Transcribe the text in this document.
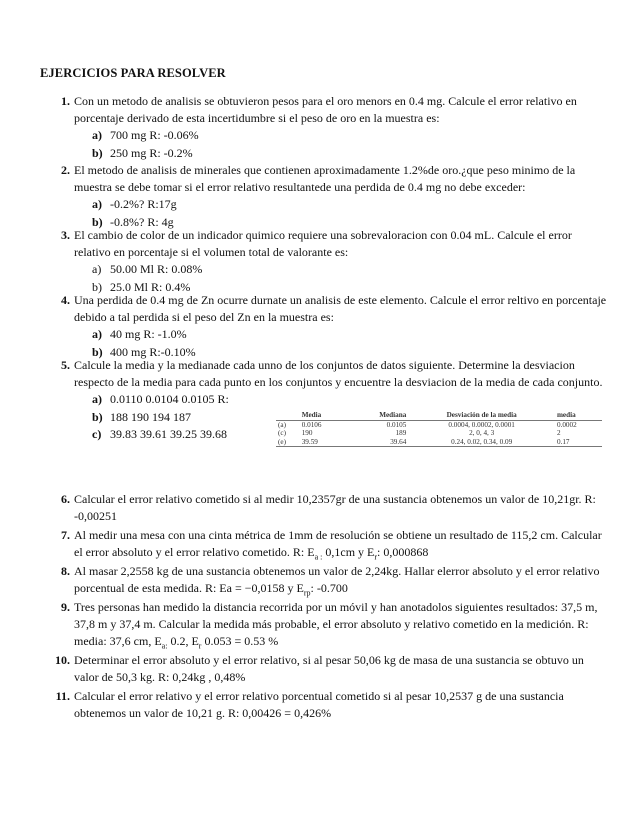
EJERCICIOS PARA RESOLVER
1. Con un metodo de analisis se obtuvieron pesos para el oro menors en 0.4 mg. Calcule el error relativo en porcentaje derivado de esta incertidumbre si el peso de oro en la muestra es:
a) 700 mg R: -0.06%
b) 250 mg R: -0.2%
2. El metodo de analisis de minerales que contienen aproximadamente 1.2%de oro.¿que peso minimo de la muestra se debe tomar si el error relativo resultantede una perdida de 0.4 mg no debe exceder:
a) -0.2%? R:17g
b) -0.8%? R: 4g
3. El cambio de color de un indicador quimico requiere una sobrevaloracion con 0.04 mL. Calcule el error relativo en porcentaje si el volumen total de valorante es:
a) 50.00 Ml R: 0.08%
b) 25.0 Ml R: 0.4%
4. Una perdida de 0.4 mg de Zn ocurre durnate un analisis de este elemento. Calcule el error reltivo en porcentaje debido a tal perdida si el peso del Zn en la muestra es:
a) 40 mg R: -1.0%
b) 400 mg R:-0.10%
5. Calcule la media y la medianade cada unno de los conjuntos de datos siguiente. Determine la desviacion respecto de la media para cada punto en los conjuntos y encuentre la desviacion de la media de cada conjunto.
a) 0.0110 0.0104 0.0105 R:
b) 188 190 194 187
c) 39.83 39.61 39.25 39.68
	Media	Mediana	Desviación de la media	media
(a)	0.0106	0.0105	0.0004, 0.0002, 0.0001	0.0002
(c)	190	189	2, 0, 4, 3	2
(e)	39.59	39.64	0.24, 0.02, 0.34, 0.09	0.17
6. Calcular el error relativo cometido si al medir 10,2357gr de una sustancia obtenemos un valor de 10,21gr. R: -0,00251
7. Al medir una mesa con una cinta métrica de 1mm de resolución se obtiene un resultado de 115,2 cm. Calcular el error absoluto y el error relativo cometido. R: $E_{a :}$ 0,1cm y $E_r$: 0,000868
8. Al masar 2,2558 kg de una sustancia obtenemos un valor de 2,24kg. Hallar elerror absoluto y el error relativo porcentual de esta medida. R: Ea = −0,0158 y $E_{rp}$: -0.700
9. Tres personas han medido la distancia recorrida por un móvil y han anotadolos siguientes resultados: 37,5 m, 37,8 m y 37,4 m. Calcular la medida más probable, el error absoluto y relativo cometido en la medición. R: media: 37,6 cm, $E_{a:}$ 0.2, $E_r$ 0.053 = 0.53 %
10. Determinar el error absoluto y el error relativo, si al pesar 50,06 kg de masa de una sustancia se obtuvo un valor de 50,3 kg. R: 0,24kg , 0,48%
11. Calcular el error relativo y el error relativo porcentual cometido si al pesar 10,2537 g de una sustancia obtenemos un valor de 10,21 g. R: 0,00426 = 0,426%
